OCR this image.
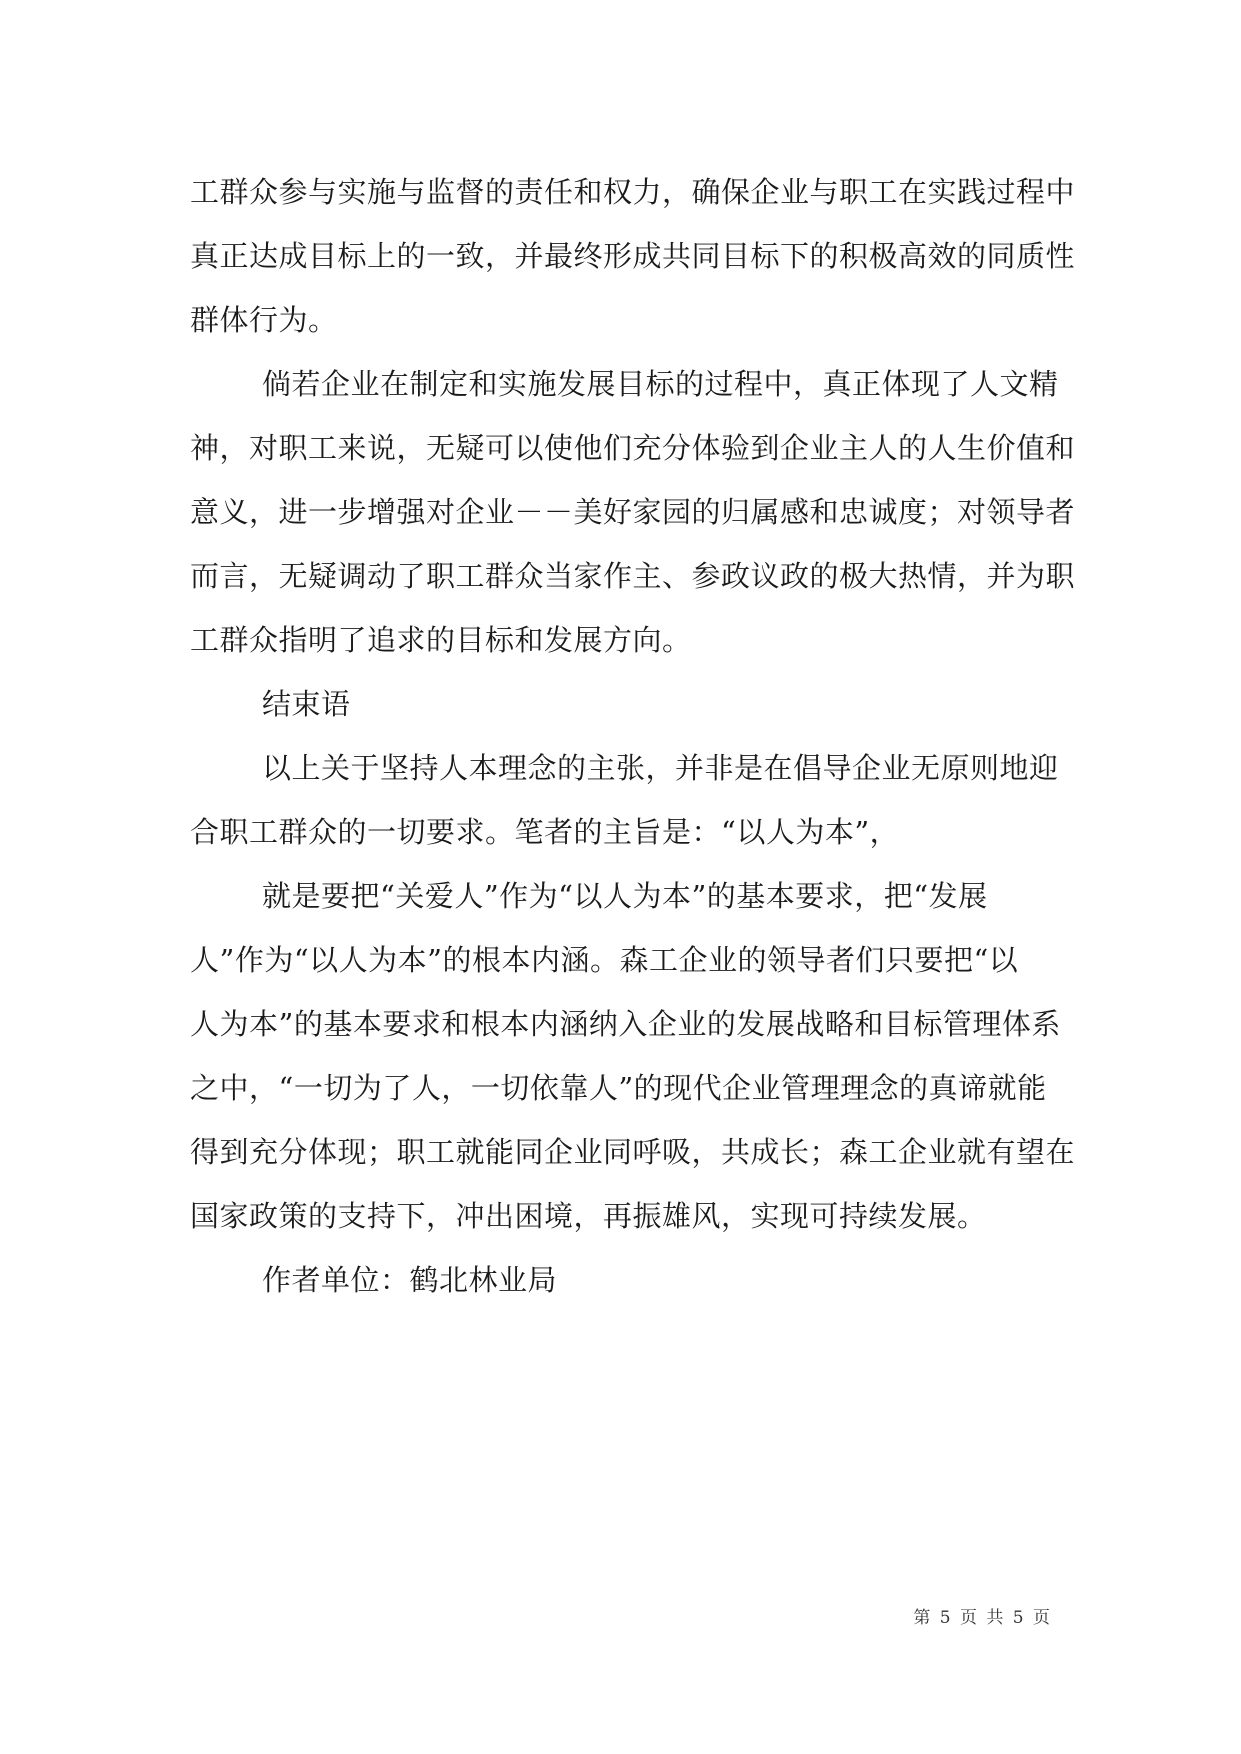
工群众参与实施与监督的责任和权力，确保企业与职工在实践过程中
真正达成目标上的一致，并最终形成共同目标下的积极高效的同质性
群体行为。

倘若企业在制定和实施发展目标的过程中，真正体现了人文精
神，对职工来说，无疑可以使他们充分体验到企业主人的人生价值和
意义，进一步增强对企业－－美好家园的归属感和忠诚度；对领导者
而言，无疑调动了职工群众当家作主、参政议政的极大热情，并为职
工群众指明了追求的目标和发展方向。

结束语

以上关于坚持人本理念的主张，并非是在倡导企业无原则地迎
合职工群众的一切要求。笔者的主旨是：“以人为本”，

就是要把“关爱人”作为“以人为本”的基本要求，把“发展
人”作为“以人为本”的根本内涵。森工企业的领导者们只要把“以
人为本”的基本要求和根本内涵纳入企业的发展战略和目标管理体系
之中，“一切为了人，一切依靠人”的现代企业管理理念的真谛就能
得到充分体现；职工就能同企业同呼吸，共成长；森工企业就有望在
国家政策的支持下，冲出困境，再振雄风，实现可持续发展。

作者单位：鹤北林业局

第 5 页 共 5 页
